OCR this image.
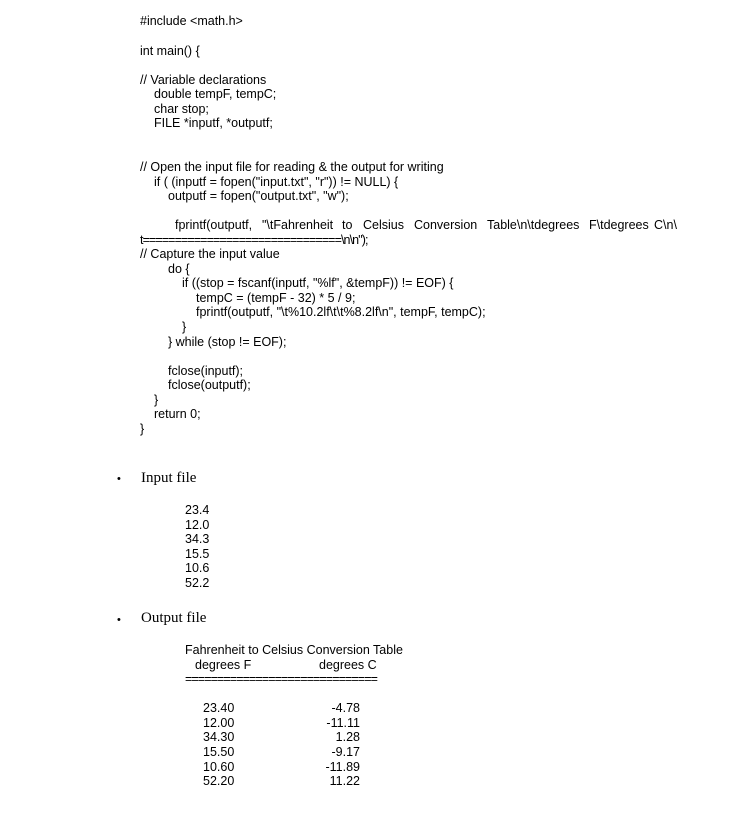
#include <math.h>
int main() {
// Variable declarations
double tempF, tempC;
char stop;
FILE *inputf, *outputf;
// Open the input file for reading & the output for writing
if ( (inputf = fopen("input.txt", "r")) != NULL) {
outputf = fopen("output.txt", "w");
fprintf(outputf, "\tFahrenheit to Celsius Conversion Table\n\tdegrees F\tdegrees C\n\
t===============================\n\n");
// Capture the input value
do {
if ((stop = fscanf(inputf, "%lf", &tempF)) != EOF) {
tempC = (tempF - 32) * 5 / 9;
fprintf(outputf, "\t%10.2lf\t\t%8.2lf\n", tempF, tempC);
}
} while (stop != EOF);
fclose(inputf);
fclose(outputf);
}
return 0;
}
• Input file
23.4
12.0
34.3
15.5
10.6
52.2
• Output file
Fahrenheit to Celsius Conversion Table
degrees F	degrees C
==============================
23.40	-4.78
12.00	-11.11
34.30	1.28
15.50	-9.17
10.60	-11.89
52.20	11.22
